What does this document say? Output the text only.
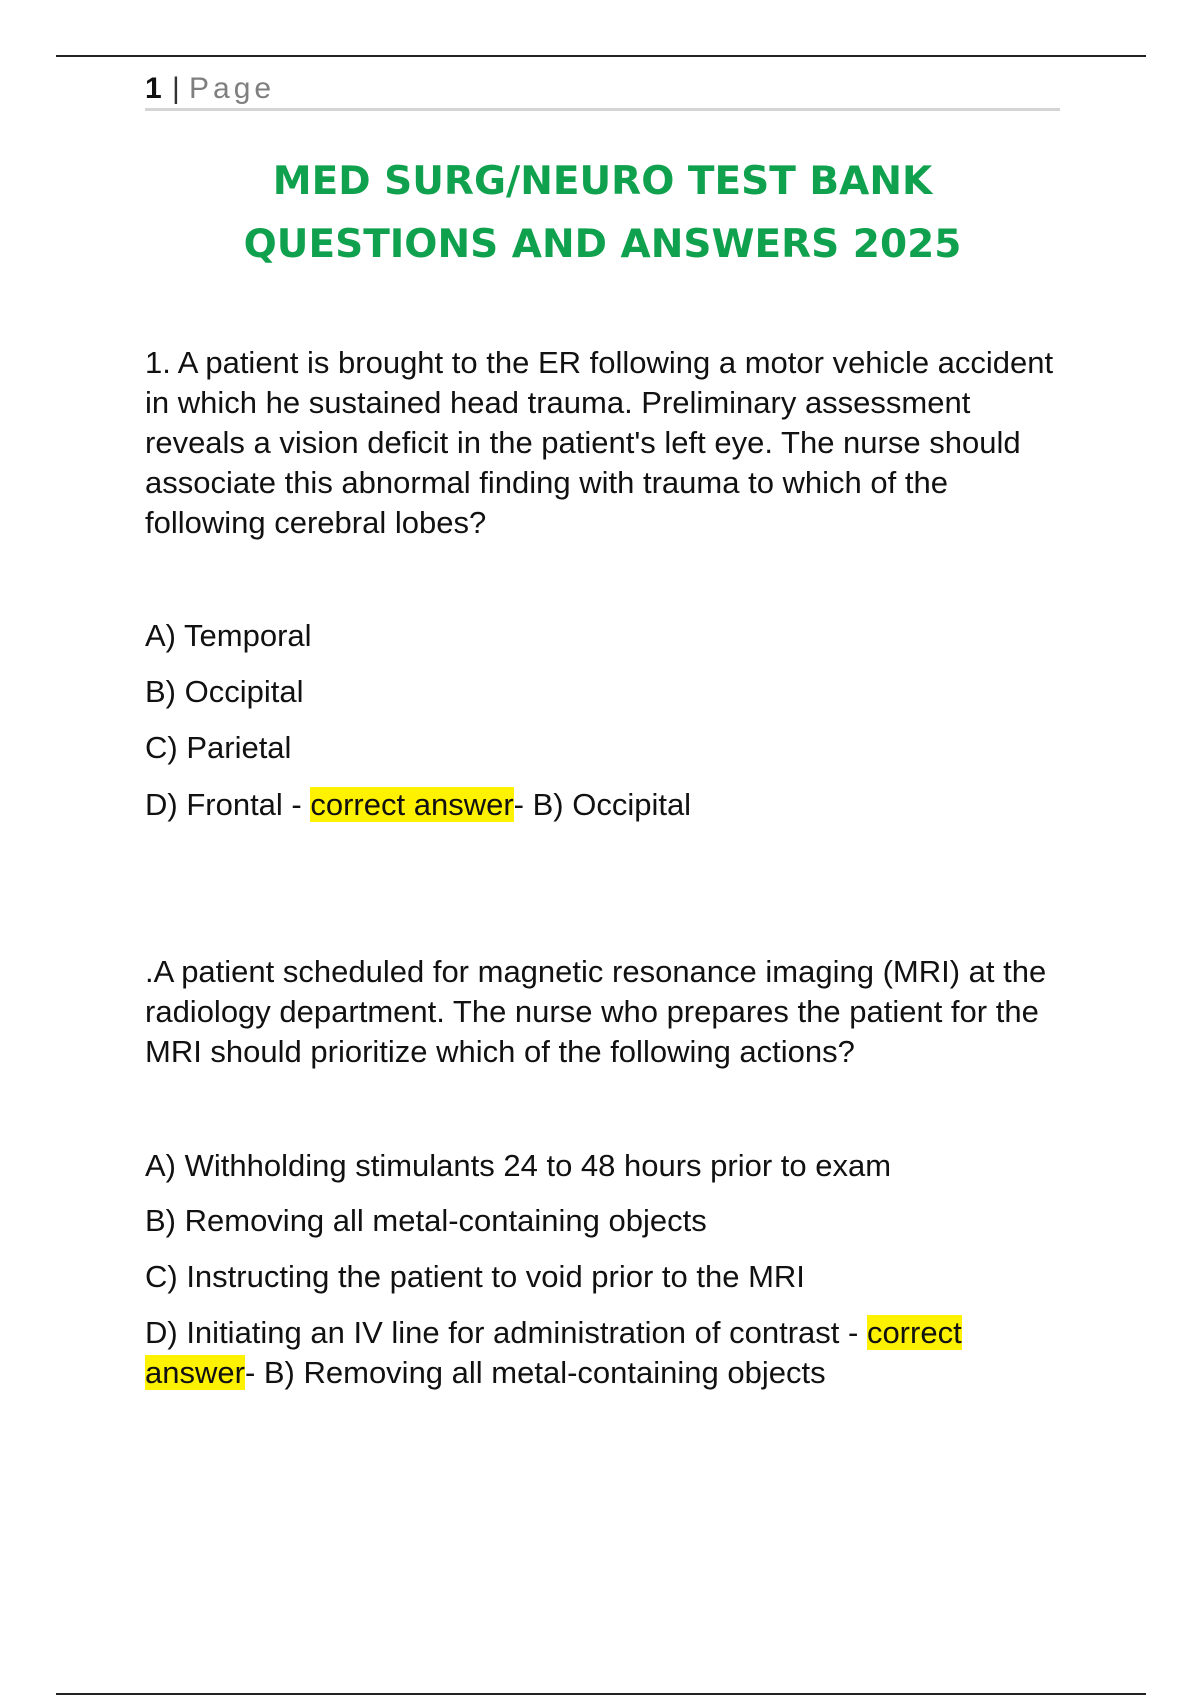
1 | Page
MED SURG/NEURO TEST BANK
QUESTIONS AND ANSWERS 2025

1. A patient is brought to the ER following a motor vehicle accident in which he sustained head trauma. Preliminary assessment reveals a vision deficit in the patient's left eye. The nurse should associate this abnormal finding with trauma to which of the following cerebral lobes?

A) Temporal

B) Occipital

C) Parietal

D) Frontal - correct answer- B) Occipital

.A patient scheduled for magnetic resonance imaging (MRI) at the radiology department. The nurse who prepares the patient for the MRI should prioritize which of the following actions?

A) Withholding stimulants 24 to 48 hours prior to exam

B) Removing all metal-containing objects

C) Instructing the patient to void prior to the MRI

D) Initiating an IV line for administration of contrast - correct answer- B) Removing all metal-containing objects
